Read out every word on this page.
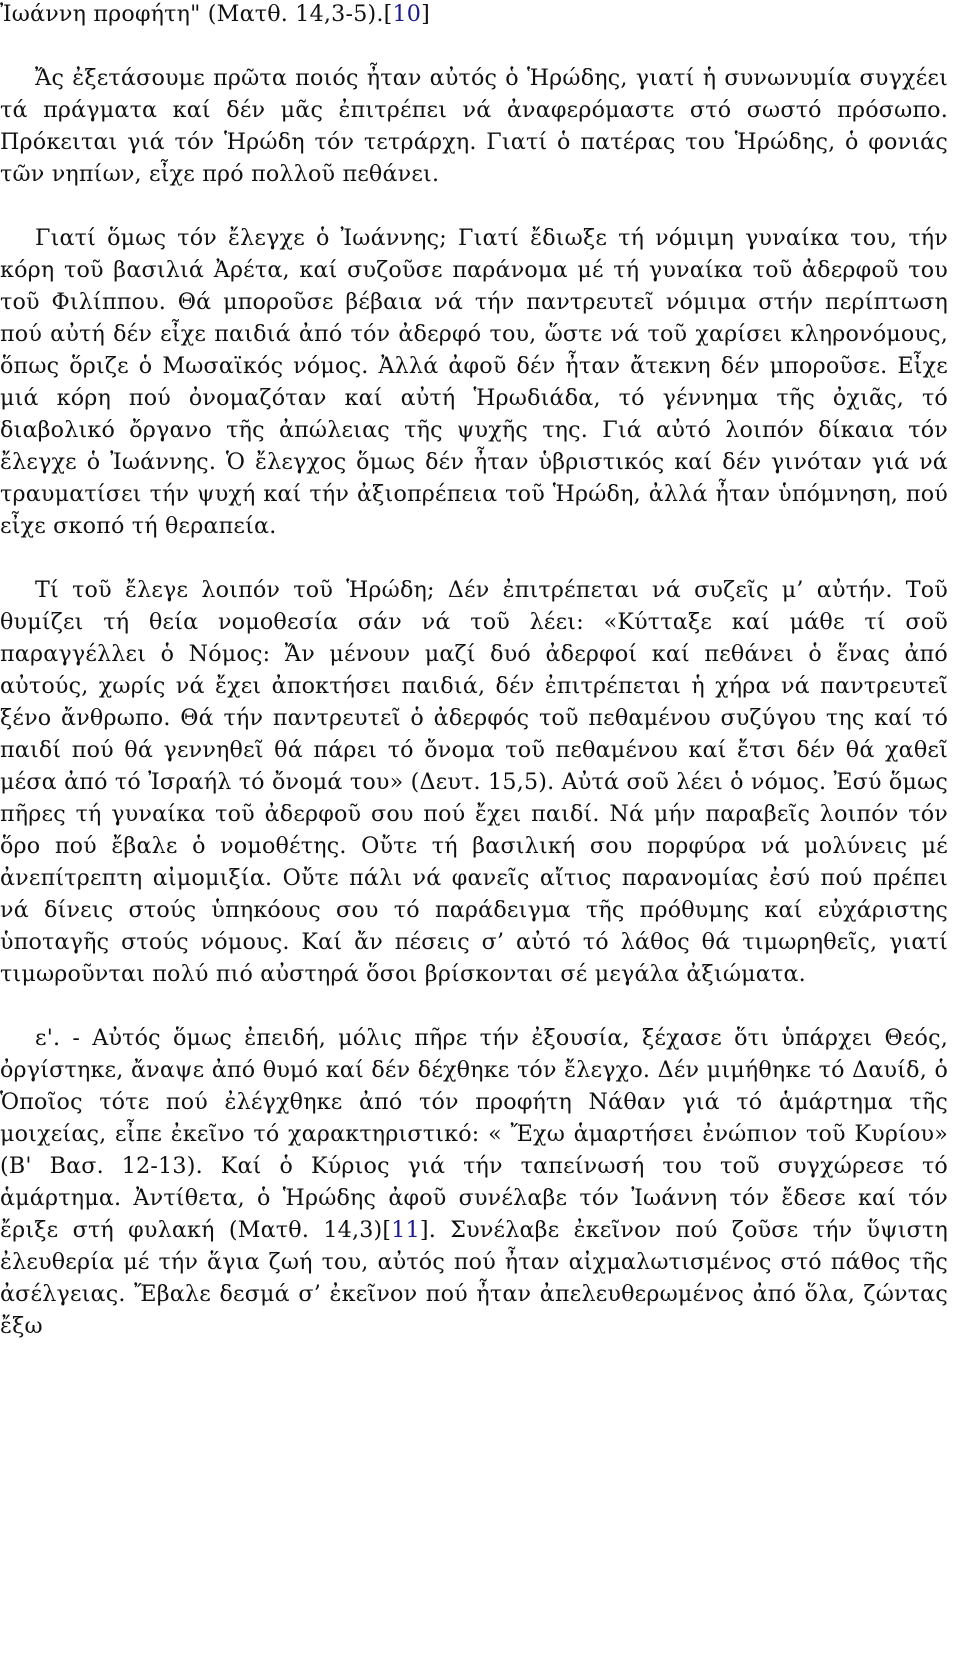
Ἰωάννη προφήτη" (Ματθ. 14,3-5).[10]

Ἄς ἐξετάσουμε πρῶτα ποιός ἦταν αὐτός ὁ Ἡρώδης, γιατί ἡ συνωνυμία συγχέει τά πράγματα καί δέν μᾶς ἐπιτρέπει νά ἀναφερόμαστε στό σωστό πρόσωπο. Πρόκειται γιά τόν Ἡρώδη τόν τετράρχη. Γιατί ὁ πατέρας του Ἡρώδης, ὁ φονιάς τῶν νηπίων, εἶχε πρό πολλοῦ πεθάνει.

Γιατί ὅμως τόν ἔλεγχε ὁ Ἰωάννης; Γιατί ἔδιωξε τή νόμιμη γυναίκα του, τήν κόρη τοῦ βασιλιά Ἀρέτα, καί συζοῦσε παράνομα μέ τή γυναίκα τοῦ ἀδερφοῦ του τοῦ Φιλίππου. Θά μποροῦσε βέβαια νά τήν παντρευτεῖ νόμιμα στήν περίπτωση πού αὐτή δέν εἶχε παιδιά ἀπό τόν ἀδερφό του, ὥστε νά τοῦ χαρίσει κληρονόμους, ὅπως ὅριζε ὁ Μωσαϊκός νόμος. Ἀλλά ἀφοῦ δέν ἦταν ἄτεκνη δέν μποροῦσε. Εἶχε μιά κόρη πού ὀνομαζόταν καί αὐτή Ἡρωδιάδα, τό γέννημα τῆς ὀχιᾶς, τό διαβολικό ὄργανο τῆς ἀπώλειας τῆς ψυχῆς της. Γιά αὐτό λοιπόν δίκαια τόν ἔλεγχε ὁ Ἰωάννης. Ὁ ἔλεγχος ὅμως δέν ἦταν ὑβριστικός καί δέν γινόταν γιά νά τραυματίσει τήν ψυχή καί τήν ἀξιοπρέπεια τοῦ Ἡρώδη, ἀλλά ἦταν ὑπόμνηση, πού εἶχε σκοπό τή θεραπεία.

Τί τοῦ ἔλεγε λοιπόν τοῦ Ἡρώδη; Δέν ἐπιτρέπεται νά συζεῖς μ’ αὐτήν. Τοῦ θυμίζει τή θεία νομοθεσία σάν νά τοῦ λέει: «Κύτταξε καί μάθε τί σοῦ παραγγέλλει ὁ Νόμος: Ἄν μένουν μαζί δυό ἀδερφοί καί πεθάνει ὁ ἕνας ἀπό αὐτούς, χωρίς νά ἔχει ἀποκτήσει παιδιά, δέν ἐπιτρέπεται ἡ χήρα νά παντρευτεῖ ξένο ἄνθρωπο. Θά τήν παντρευτεῖ ὁ ἀδερφός τοῦ πεθαμένου συζύγου της καί τό παιδί πού θά γεννηθεῖ θά πάρει τό ὄνομα τοῦ πεθαμένου καί ἔτσι δέν θά χαθεῖ μέσα ἀπό τό Ἰσραήλ τό ὄνομά του» (Δευτ. 15,5). Αὐτά σοῦ λέει ὁ νόμος. Ἐσύ ὅμως πῆρες τή γυναίκα τοῦ ἀδερφοῦ σου πού ἔχει παιδί. Νά μήν παραβεῖς λοιπόν τόν ὅρο πού ἔβαλε ὁ νομοθέτης. Οὔτε τή βασιλική σου πορφύρα νά μολύνεις μέ ἀνεπίτρεπτη αἰμομιξία. Οὔτε πάλι νά φανεῖς αἴτιος παρανομίας ἐσύ πού πρέπει νά δίνεις στούς ὑπηκόους σου τό παράδειγμα τῆς πρόθυμης καί εὐχάριστης ὑποταγῆς στούς νόμους. Καί ἄν πέσεις σ’ αὐτό τό λάθος θά τιμωρηθεῖς, γιατί τιμωροῦνται πολύ πιό αὐστηρά ὅσοι βρίσκονται σέ μεγάλα ἀξιώματα.

ε'. - Αὐτός ὅμως ἐπειδή, μόλις πῆρε τήν ἐξουσία, ξέχασε ὅτι ὑπάρχει Θεός, ὀργίστηκε, ἄναψε ἀπό θυμό καί δέν δέχθηκε τόν ἔλεγχο. Δέν μιμήθηκε τό Δαυίδ, ὁ Ὁποῖος τότε πού ἐλέγχθηκε ἀπό τόν προφήτη Νάθαν γιά τό ἁμάρτημα τῆς μοιχείας, εἶπε ἐκεῖνο τό χαρακτηριστικό: « Ἔχω ἁμαρτήσει ἐνώπιον τοῦ Κυρίου» (Β' Βασ. 12-13). Καί ὁ Κύριος γιά τήν ταπείνωσή του τοῦ συγχώρεσε τό ἁμάρτημα. Ἀντίθετα, ὁ Ἡρώδης ἀφοῦ συνέλαβε τόν Ἰωάννη τόν ἔδεσε καί τόν ἔριξε στή φυλακή (Ματθ. 14,3)[11]. Συνέλαβε ἐκεῖνον πού ζοῦσε τήν ὕψιστη ἐλευθερία μέ τήν ἅγια ζωή του, αὐτός πού ἦταν αἰχμαλωτισμένος στό πάθος τῆς ἀσέλγειας. Ἔβαλε δεσμά σ’ ἐκεῖνον πού ἦταν ἀπελευθερωμένος ἀπό ὅλα, ζώντας ἔξω
